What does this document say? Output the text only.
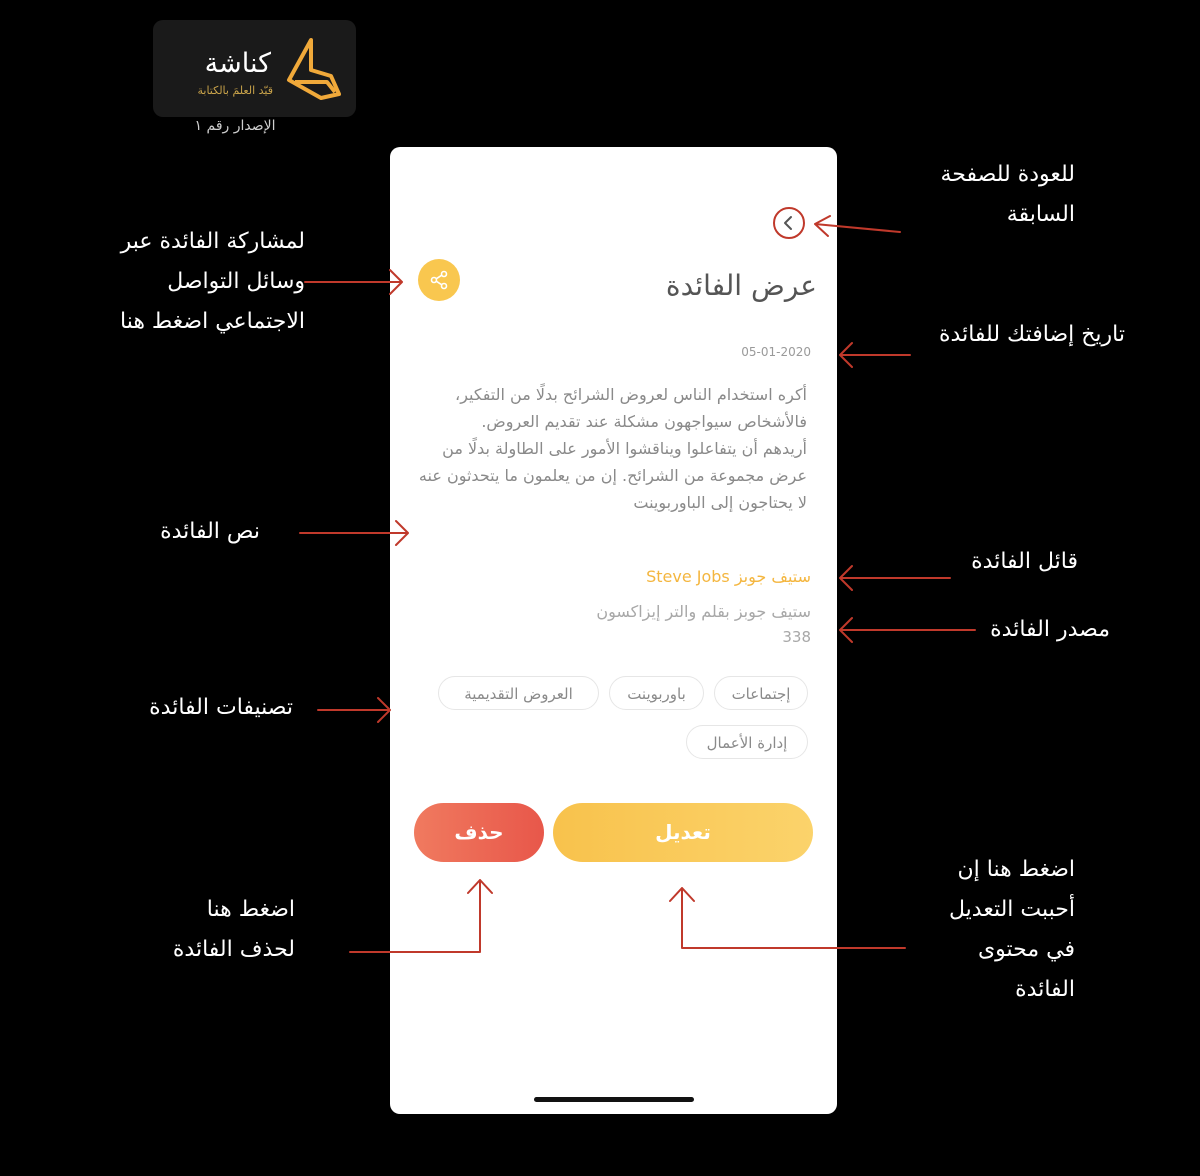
كناشة
قيّد العلمَ بالكتابة
الإصدار رقم ١
عرض الفائدة
05-01-2020
أكره استخدام الناس لعروض الشرائح بدلًا من التفكير، فالأشخاص سيواجهون مشكلة عند تقديم العروض.
أريدهم أن يتفاعلوا ويناقشوا الأمور على الطاولة بدلًا من عرض مجموعة من الشرائح. إن من يعلمون ما يتحدثون عنه لا يحتاجون إلى الباوربوينت
ستيف جوبز Steve Jobs
ستيف جوبز بقلم والتر إيزاكسون
338
إجتماعات
باوربوينت
العروض التقديمية
إدارة الأعمال
تعديل
حذف
للعودة للصفحة السابقة
لمشاركة الفائدة عبر وسائل التواصل الاجتماعي اضغط هنا
تاريخ إضافتك للفائدة
نص الفائدة
قائل الفائدة
مصدر الفائدة
تصنيفات الفائدة
اضغط هنا لحذف الفائدة
اضغط هنا إن أحببت التعديل في محتوى الفائدة
